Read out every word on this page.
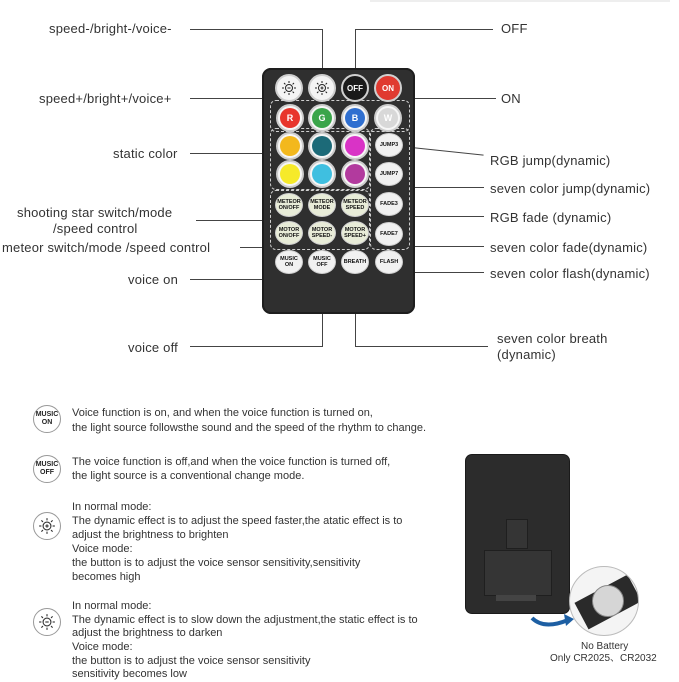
speed-/bright-/voice-
speed+/bright+/voice+
static color
shooting star switch/mode
/speed control
meteor switch/mode /speed control
voice on
voice off
OFF
ON
RGB jump(dynamic)
seven color jump(dynamic)
RGB fade (dynamic)
seven color fade(dynamic)
seven color flash(dynamic)
seven color breath
(dynamic)
OFF	ON
R	G	B	W
JUMP3
JUMP7
FADE3
FADE7
METEOR ON/OFF
METEOR MODE
METEOR SPEED
MOTOR ON/OFF
MOTOR SPEED-
MOTOR SPEED+
MUSIC ON
MUSIC OFF	BREATH	FLASH
MUSIC ON
Voice function is on, and when the voice function is turned on,
the light source followsthe sound and the speed of the rhythm to change.
MUSIC OFF
The voice function is off,and when the voice function is turned off,
the light source is a conventional change mode.
In normal mode:
The dynamic effect is to adjust the speed faster,the atatic effect is to
adjust the brightness to brighten
Voice mode:
the button is to adjust the voice sensor sensitivity,sensitivity
becomes high
In normal mode:
The dynamic effect is to slow down the adjustment,the static effect is to
adjust the brightness to darken
Voice mode:
the button is to adjust the voice sensor sensitivity
sensitivity becomes low
No Battery
Only CR2025、CR2032
